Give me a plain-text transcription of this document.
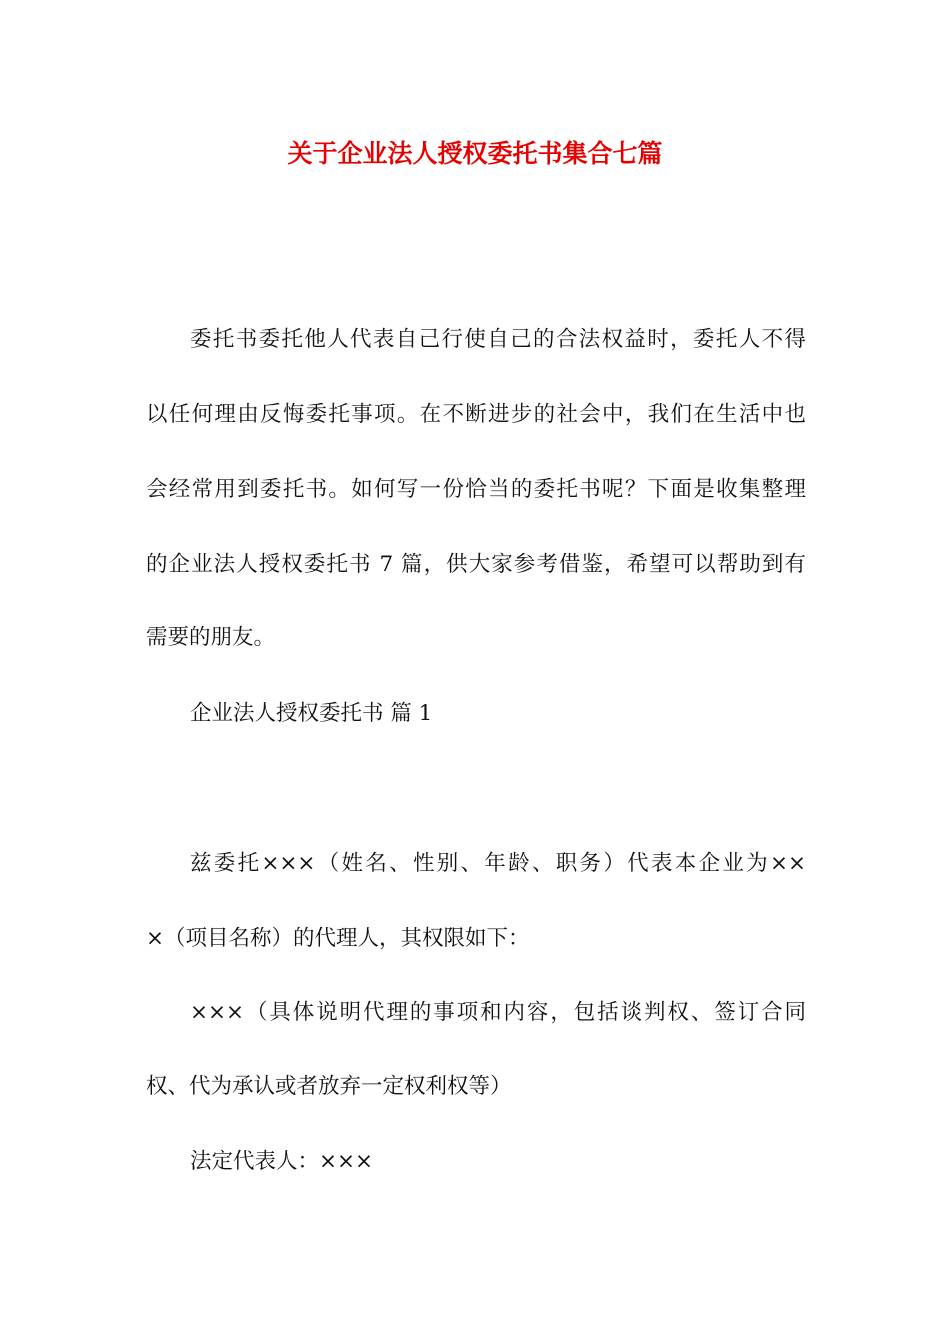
关于企业法人授权委托书集合七篇
委托书委托他人代表自己行使自己的合法权益时，委托人不得
以任何理由反悔委托事项。在不断进步的社会中，我们在生活中也
会经常用到委托书。如何写一份恰当的委托书呢？下面是收集整理
的企业法人授权委托书 7 篇，供大家参考借鉴，希望可以帮助到有
需要的朋友。
企业法人授权委托书 篇 1
兹委托×××（姓名、性别、年龄、职务）代表本企业为××
×（项目名称）的代理人，其权限如下：
×××（具体说明代理的事项和内容，包括谈判权、签订合同
权、代为承认或者放弃一定权利权等）
法定代表人：×××
